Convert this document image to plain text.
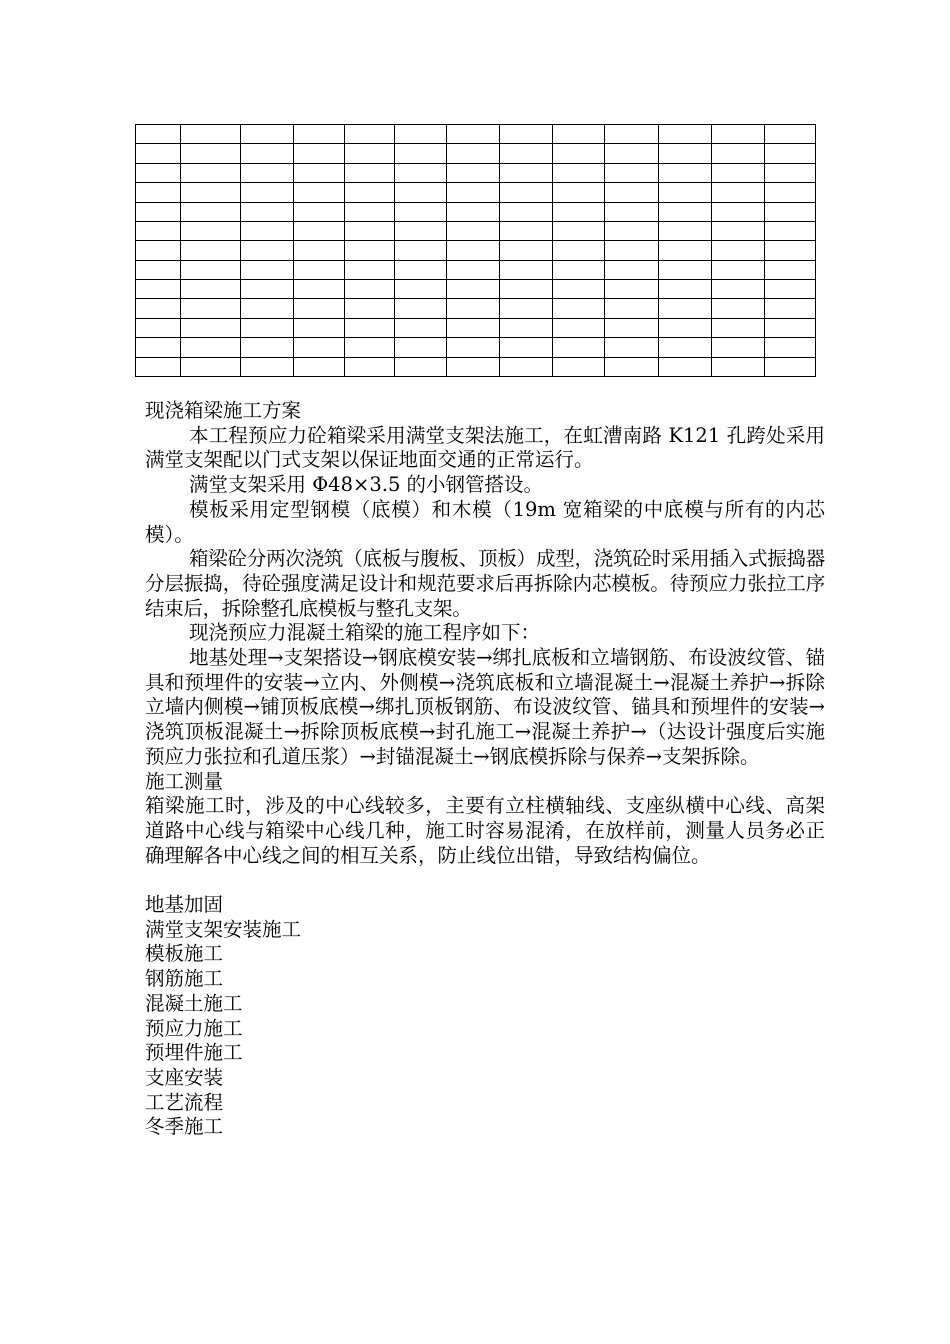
现浇箱梁施工方案

本工程预应力砼箱梁采用满堂支架法施工，在虹漕南路 K121 孔跨处采用满堂支架配以门式支架以保证地面交通的正常运行。

满堂支架采用 Φ48×3.5 的小钢管搭设。

模板采用定型钢模（底模）和木模（19m 宽箱梁的中底模与所有的内芯模）。

箱梁砼分两次浇筑（底板与腹板、顶板）成型，浇筑砼时采用插入式振捣器分层振捣，待砼强度满足设计和规范要求后再拆除内芯模板。待预应力张拉工序结束后，拆除整孔底模板与整孔支架。

现浇预应力混凝土箱梁的施工程序如下：

地基处理→支架搭设→钢底模安装→绑扎底板和立墙钢筋、布设波纹管、锚具和预埋件的安装→立内、外侧模→浇筑底板和立墙混凝土→混凝土养护→拆除立墙内侧模→铺顶板底模→绑扎顶板钢筋、布设波纹管、锚具和预埋件的安装→浇筑顶板混凝土→拆除顶板底模→封孔施工→混凝土养护→（达设计强度后实施预应力张拉和孔道压浆）→封锚混凝土→钢底模拆除与保养→支架拆除。

施工测量

箱梁施工时，涉及的中心线较多，主要有立柱横轴线、支座纵横中心线、高架道路中心线与箱梁中心线几种，施工时容易混淆，在放样前，测量人员务必正确理解各中心线之间的相互关系，防止线位出错，导致结构偏位。

地基加固

满堂支架安装施工

模板施工

钢筋施工

混凝土施工

预应力施工

预埋件施工

支座安装

工艺流程

冬季施工
